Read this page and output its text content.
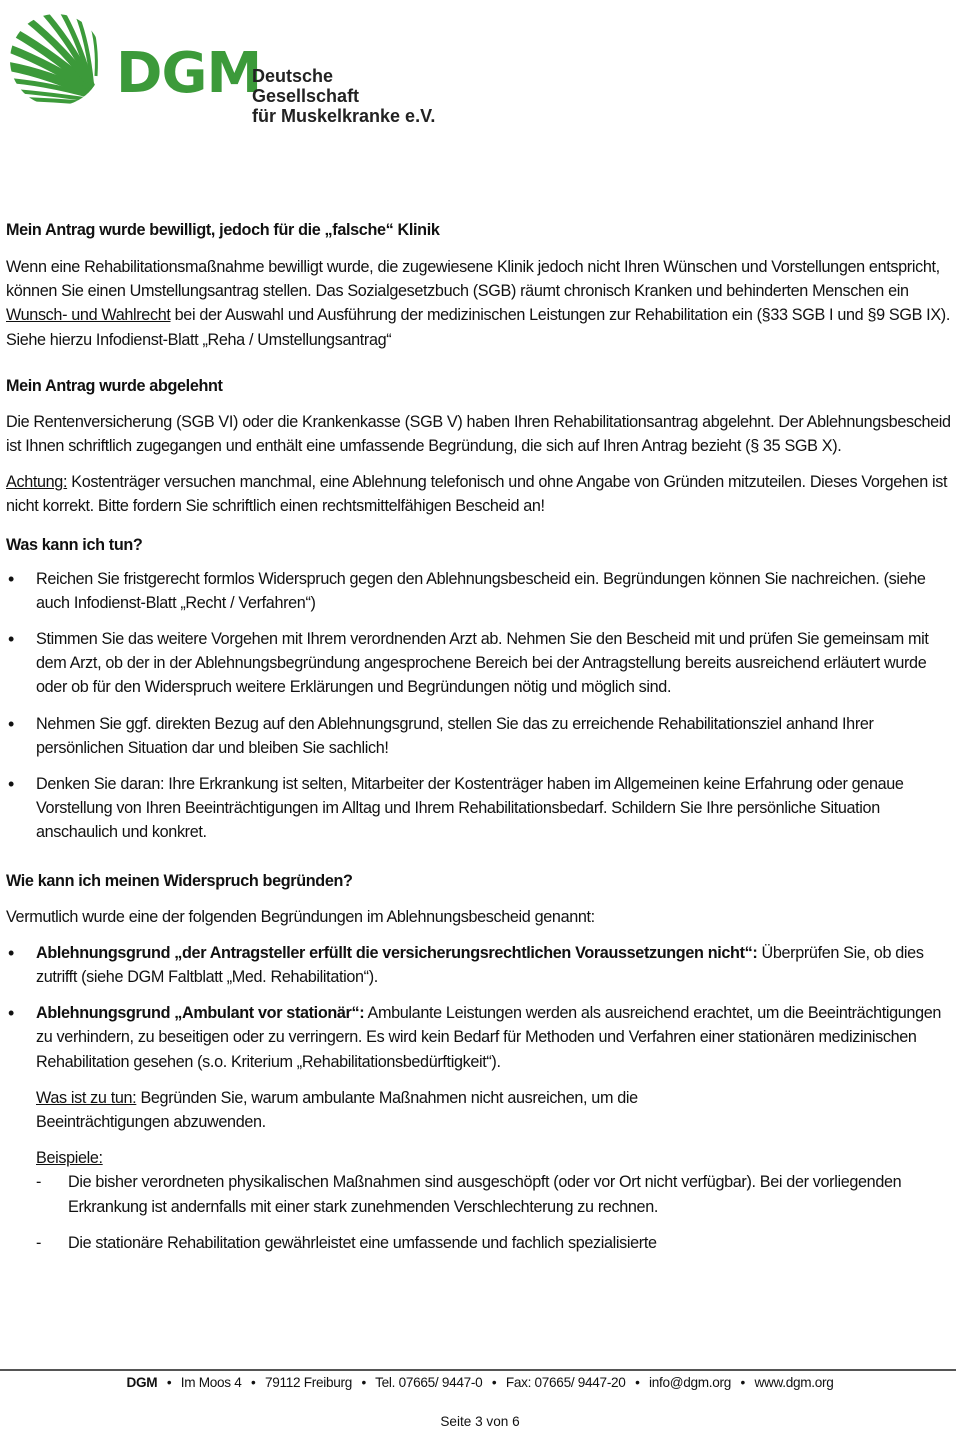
DGM
Deutsche Gesellschaft
für Muskelkranke e.V.
Mein Antrag wurde bewilligt, jedoch für die „falsche“ Klinik

Wenn eine Rehabilitationsmaßnahme bewilligt wurde, die zugewiesene Klinik jedoch nicht Ihren Wünschen und Vorstellungen entspricht, können Sie einen Umstellungsantrag stellen. Das Sozialgesetzbuch (SGB) räumt chronisch Kranken und behinderten Menschen ein Wunsch- und Wahlrecht bei der Auswahl und Ausführung der medizinischen Leistungen zur Rehabilitation ein (§33 SGB I und §9 SGB IX). Siehe hierzu Infodienst-Blatt „Reha / Umstellungsantrag“

Mein Antrag wurde abgelehnt

Die Rentenversicherung (SGB VI) oder die Krankenkasse (SGB V) haben Ihren Rehabilitationsantrag abgelehnt. Der Ablehnungsbescheid ist Ihnen schriftlich zugegangen und enthält eine umfassende Begründung, die sich auf Ihren Antrag bezieht (§ 35 SGB X).

Achtung: Kostenträger versuchen manchmal, eine Ablehnung telefonisch und ohne Angabe von Gründen mitzuteilen. Dieses Vorgehen ist nicht korrekt. Bitte fordern Sie schriftlich einen rechtsmittelfähigen Bescheid an!

Was kann ich tun?
• Reichen Sie fristgerecht formlos Widerspruch gegen den Ablehnungsbescheid ein. Begründungen können Sie nachreichen. (siehe auch Infodienst-Blatt „Recht / Verfahren“)
• Stimmen Sie das weitere Vorgehen mit Ihrem verordnenden Arzt ab. Nehmen Sie den Bescheid mit und prüfen Sie gemeinsam mit dem Arzt, ob der in der Ablehnungsbegründung angesprochene Bereich bei der Antragstellung bereits ausreichend erläutert wurde oder ob für den Widerspruch weitere Erklärungen und Begründungen nötig und möglich sind.
• Nehmen Sie ggf. direkten Bezug auf den Ablehnungsgrund, stellen Sie das zu erreichende Rehabilitationsziel anhand Ihrer persönlichen Situation dar und bleiben Sie sachlich!
• Denken Sie daran: Ihre Erkrankung ist selten, Mitarbeiter der Kostenträger haben im Allgemeinen keine Erfahrung oder genaue Vorstellung von Ihren Beeinträchtigungen im Alltag und Ihrem Rehabilitationsbedarf. Schildern Sie Ihre persönliche Situation anschaulich und konkret.
Wie kann ich meinen Widerspruch begründen?

Vermutlich wurde eine der folgenden Begründungen im Ablehnungsbescheid genannt:

• Ablehnungsgrund „der Antragsteller erfüllt die versicherungsrechtlichen Voraussetzungen nicht“: Überprüfen Sie, ob dies zutrifft (siehe DGM Faltblatt „Med. Rehabilitation“).
• Ablehnungsgrund „Ambulant vor stationär“: Ambulante Leistungen werden als ausreichend erachtet, um die Beeinträchtigungen zu verhindern, zu beseitigen oder zu verringern. Es wird kein Bedarf für Methoden und Verfahren einer stationären medizinischen Rehabilitation gesehen (s.o. Kriterium „Rehabilitationsbedürftigkeit“).

Was ist zu tun: Begründen Sie, warum ambulante Maßnahmen nicht ausreichen, um die
Beeinträchtigungen abzuwenden.

Beispiele:

- Die bisher verordneten physikalischen Maßnahmen sind ausgeschöpft (oder vor Ort nicht verfügbar). Bei der vorliegenden Erkrankung ist andernfalls mit einer stark zunehmenden Verschlechterung zu rechnen.
- Die stationäre Rehabilitation gewährleistet eine umfassende und fachlich spezialisierte
DGM • Im Moos 4 • 79112 Freiburg • Tel. 07665/ 9447-0 • Fax: 07665/ 9447-20 • info@dgm.org • www.dgm.org
Seite 3 von 6
